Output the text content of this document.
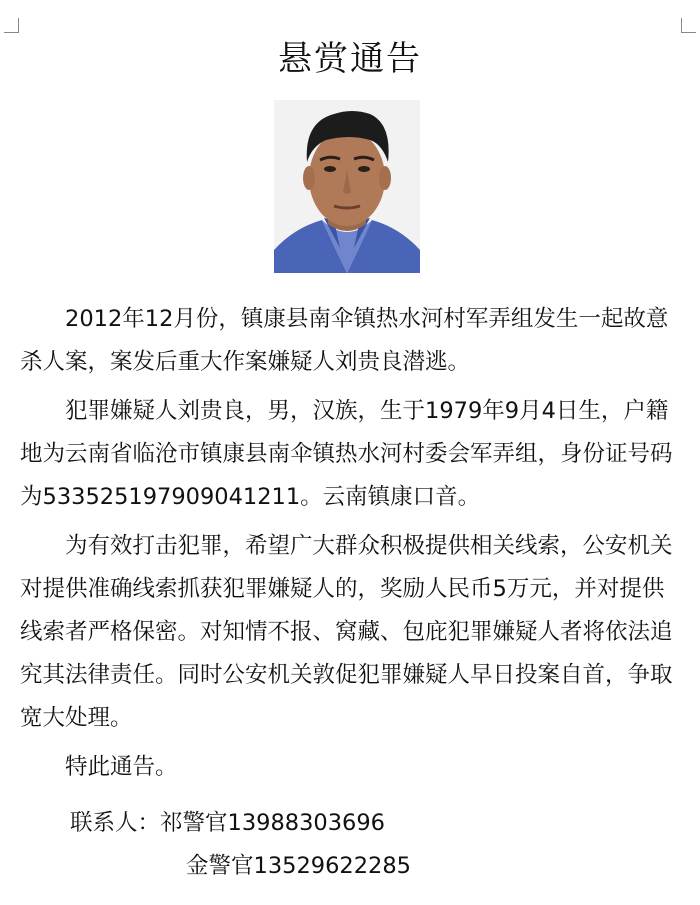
悬赏通告

2012年12月份，镇康县南伞镇热水河村军弄组发生一起故意杀人案，案发后重大作案嫌疑人刘贵良潜逃。

犯罪嫌疑人刘贵良，男，汉族，生于1979年9月4日生，户籍地为云南省临沧市镇康县南伞镇热水河村委会军弄组，身份证号码为533525197909041211。云南镇康口音。

为有效打击犯罪，希望广大群众积极提供相关线索，公安机关对提供准确线索抓获犯罪嫌疑人的，奖励人民币5万元，并对提供线索者严格保密。对知情不报、窝藏、包庇犯罪嫌疑人者将依法追究其法律责任。同时公安机关敦促犯罪嫌疑人早日投案自首，争取宽大处理。

特此通告。

联系人：祁警官13988303696
金警官13529622285
